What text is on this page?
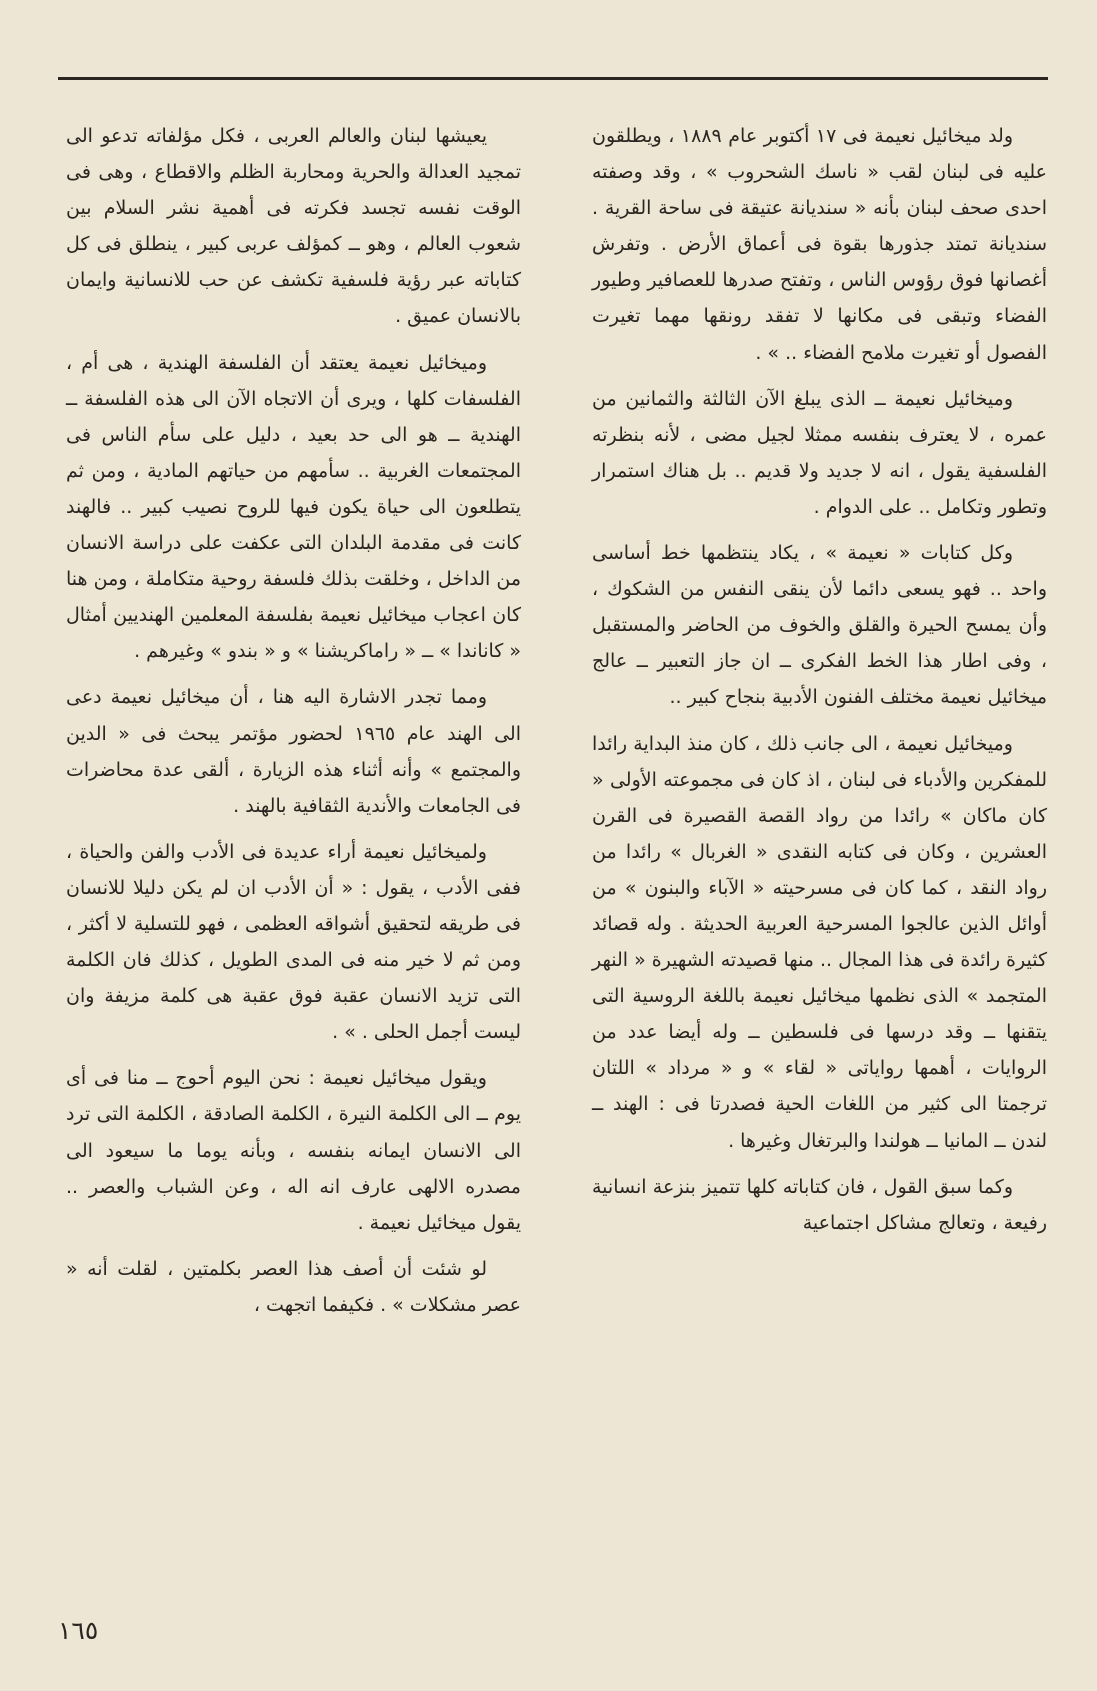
ولد ميخائيل نعيمة فى ١٧ أكتوبر عام ١٨٨٩ ، ويطلقون عليه فى لبنان لقب « ناسك الشحروب » ، وقد وصفته احدى صحف لبنان بأنه « سنديانة عتيقة فى ساحة القرية . سنديانة تمتد جذورها بقوة فى أعماق الأرض . وتفرش أغصانها فوق رؤوس الناس ، وتفتح صدرها للعصافير وطيور الفضاء وتبقى فى مكانها لا تفقد رونقها مهما تغيرت الفصول أو تغيرت ملامح الفضاء .. » .

وميخائيل نعيمة ــ الذى يبلغ الآن الثالثة والثمانين من عمره ، لا يعترف بنفسه ممثلا لجيل مضى ، لأنه بنظرته الفلسفية يقول ، انه لا جديد ولا قديم .. بل هناك استمرار وتطور وتكامل .. على الدوام .

وكل كتابات « نعيمة » ، يكاد ينتظمها خط أساسى واحد .. فهو يسعى دائما لأن ينقى النفس من الشكوك ، وأن يمسح الحيرة والقلق والخوف من الحاضر والمستقبل ، وفى اطار هذا الخط الفكرى ــ ان جاز التعبير ــ عالج ميخائيل نعيمة مختلف الفنون الأدبية بنجاح كبير ..

وميخائيل نعيمة ، الى جانب ذلك ، كان منذ البداية رائدا للمفكرين والأدباء فى لبنان ، اذ كان فى مجموعته الأولى « كان ماكان » رائدا من رواد القصة القصيرة فى القرن العشرين ، وكان فى كتابه النقدى « الغربال » رائدا من رواد النقد ، كما كان فى مسرحيته « الآباء والبنون » من أوائل الذين عالجوا المسرحية العربية الحديثة . وله قصائد كثيرة رائدة فى هذا المجال .. منها قصيدته الشهيرة « النهر المتجمد » الذى نظمها ميخائيل نعيمة باللغة الروسية التى يتقنها ــ وقد درسها فى فلسطين ــ وله أيضا عدد من الروايات ، أهمها رواياتى « لقاء » و « مرداد » اللتان ترجمتا الى كثير من اللغات الحية فصدرتا فى : الهند ــ لندن ــ المانيا ــ هولندا والبرتغال وغيرها .

وكما سبق القول ، فان كتاباته كلها تتميز بنزعة انسانية رفيعة ، وتعالج مشاكل اجتماعية

يعيشها لبنان والعالم العربى ، فكل مؤلفاته تدعو الى تمجيد العدالة والحرية ومحاربة الظلم والاقطاع ، وهى فى الوقت نفسه تجسد فكرته فى أهمية نشر السلام بين شعوب العالم ، وهو ــ كمؤلف عربى كبير ، ينطلق فى كل كتاباته عبر رؤية فلسفية تكشف عن حب للانسانية وايمان بالانسان عميق .

وميخائيل نعيمة يعتقد أن الفلسفة الهندية ، هى أم ، الفلسفات كلها ، ويرى أن الاتجاه الآن الى هذه الفلسفة ــ الهندية ــ هو الى حد بعيد ، دليل على سأم الناس فى المجتمعات الغربية .. سأمهم من حياتهم المادية ، ومن ثم يتطلعون الى حياة يكون فيها للروح نصيب كبير .. فالهند كانت فى مقدمة البلدان التى عكفت على دراسة الانسان من الداخل ، وخلقت بذلك فلسفة روحية متكاملة ، ومن هنا كان اعجاب ميخائيل نعيمة بفلسفة المعلمين الهنديين أمثال « كاناندا » ــ « راماكريشنا » و « بندو » وغيرهم .

ومما تجدر الاشارة اليه هنا ، أن ميخائيل نعيمة دعى الى الهند عام ١٩٦٥ لحضور مؤتمر يبحث فى « الدين والمجتمع » وأنه أثناء هذه الزيارة ، ألقى عدة محاضرات فى الجامعات والأندية الثقافية بالهند .

ولميخائيل نعيمة أراء عديدة فى الأدب والفن والحياة ، ففى الأدب ، يقول : « أن الأدب ان لم يكن دليلا للانسان فى طريقه لتحقيق أشواقه العظمى ، فهو للتسلية لا أكثر ، ومن ثم لا خير منه فى المدى الطويل ، كذلك فان الكلمة التى تزيد الانسان عقبة فوق عقبة هى كلمة مزيفة وان ليست أجمل الحلى . » .

ويقول ميخائيل نعيمة : نحن اليوم أحوج ــ منا فى أى يوم ــ الى الكلمة النيرة ، الكلمة الصادقة ، الكلمة التى ترد الى الانسان ايمانه بنفسه ، وبأنه يوما ما سيعود الى مصدره الالهى عارف انه اله ، وعن الشباب والعصر .. يقول ميخائيل نعيمة .

لو شئت أن أصف هذا العصر بكلمتين ، لقلت أنه « عصر مشكلات » . فكيفما اتجهت ،

١٦٥
